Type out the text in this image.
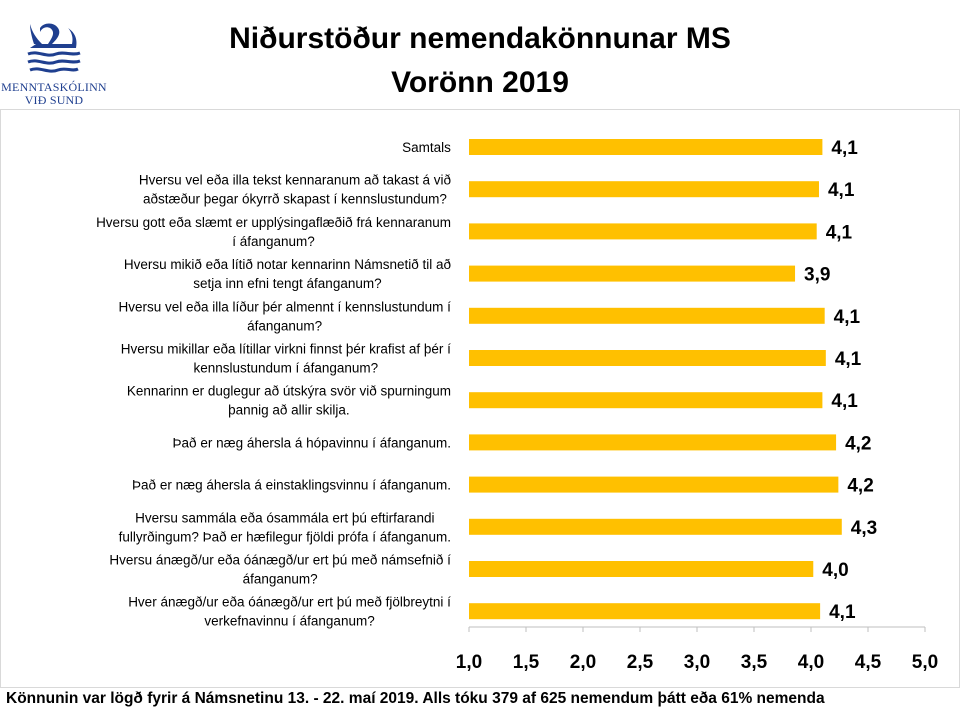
MENNTASKÓLINN
VIÐ SUND
Niðurstöður nemendakönnunar MS
Vorönn 2019
1,0 1,5 2,0 2,5 3,0 3,5 4,0 4,5 5,0
4,1
Samtals
4,1
Hversu vel eða illa tekst kennaranum að takast á við aðstæður þegar ókyrrð skapast í kennslustundum?
4,1
Hversu gott eða slæmt er upplýsingaflæðið frá kennaranum í áfanganum?
3,9
Hversu mikið eða lítið notar kennarinn Námsnetið til að setja inn efni tengt áfanganum?
4,1
Hversu vel eða illa líður þér almennt í kennslustundum í áfanganum?
4,1
Hversu mikillar eða lítillar virkni finnst þér krafist af þér í kennslustundum í áfanganum?
4,1
Kennarinn er duglegur að útskýra svör við spurningum þannig að allir skilja.
4,2
Það er næg áhersla á hópavinnu í áfanganum.
4,2
Það er næg áhersla á einstaklingsvinnu í áfanganum.
4,3
Hversu sammála eða ósammála ert þú eftirfarandi fullyrðingum? Það er hæfilegur fjöldi prófa í áfanganum.
4,0
Hversu ánægð/ur eða óánægð/ur ert þú með námsefnið í áfanganum?
4,1
Hver ánægð/ur eða óánægð/ur ert þú með fjölbreytni í verkefnavinnu í áfanganum?
Könnunin var lögð fyrir á Námsnetinu 13. - 22. maí 2019. Alls tóku 379 af 625 nemendum þátt eða 61% nemenda
